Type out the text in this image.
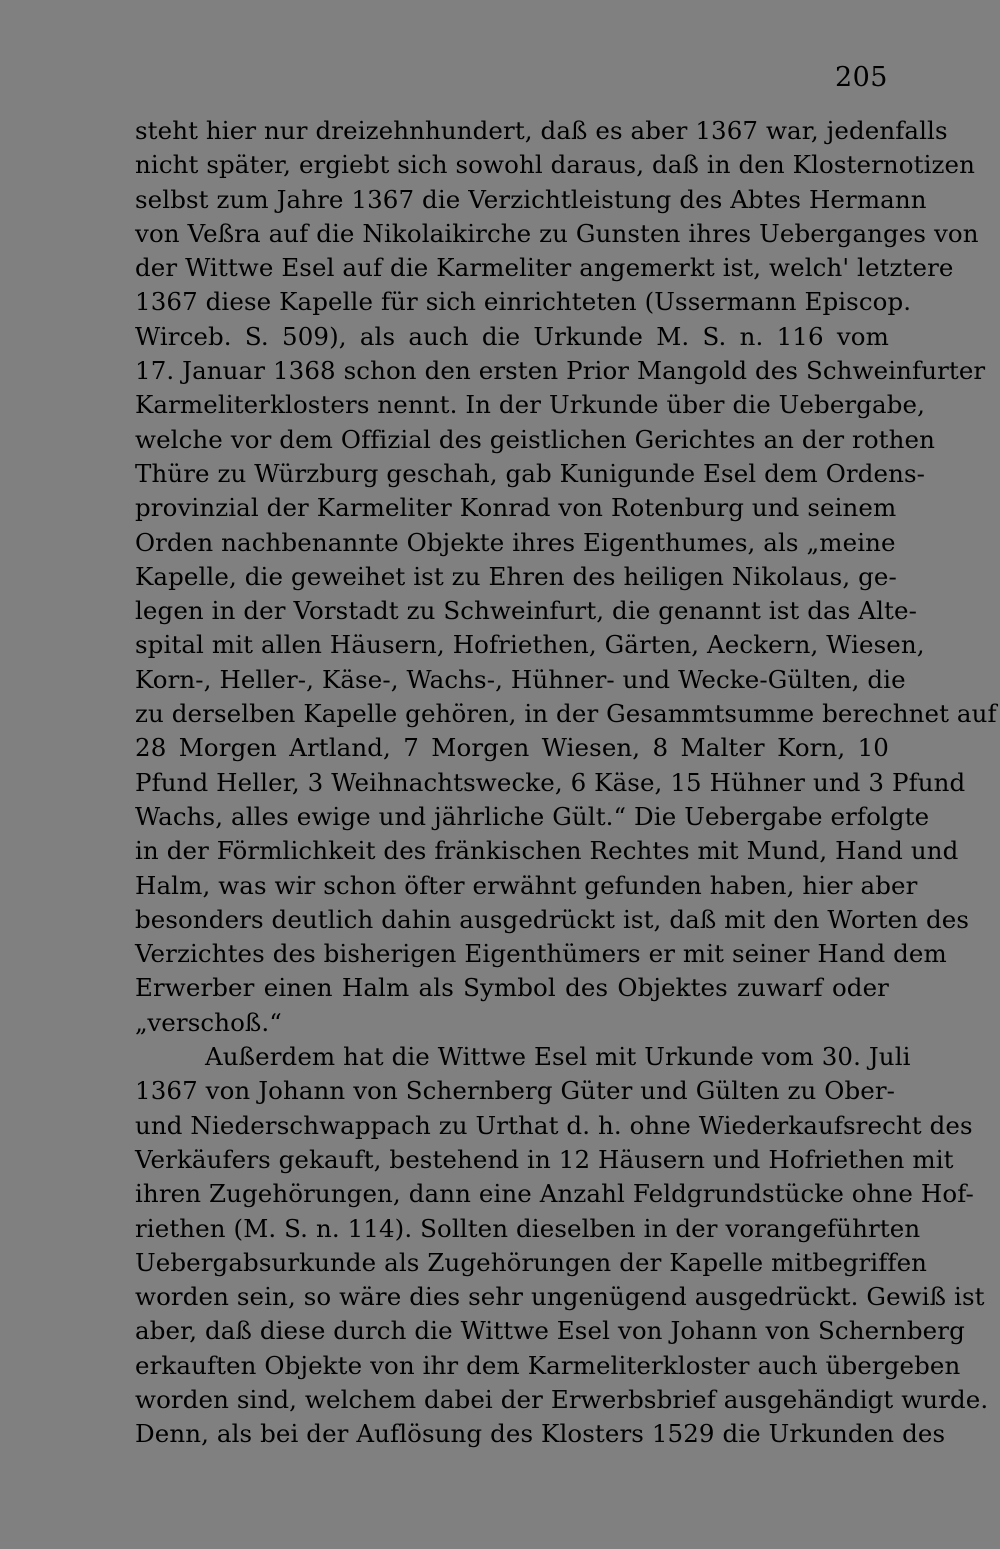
205
steht hier nur dreizehnhundert, daß es aber 1367 war, jedenfalls
nicht später, ergiebt sich sowohl daraus, daß in den Klosternotizen
selbst zum Jahre 1367 die Verzichtleistung des Abtes Hermann
von Veßra auf die Nikolaikirche zu Gunsten ihres Ueberganges von
der Wittwe Esel auf die Karmeliter angemerkt ist, welch' letztere
1367 diese Kapelle für sich einrichteten (Ussermann Episcop.
Wirceb. S. 509), als auch die Urkunde M. S. n. 116 vom
17. Januar 1368 schon den ersten Prior Mangold des Schweinfurter
Karmeliterklosters nennt. In der Urkunde über die Uebergabe,
welche vor dem Offizial des geistlichen Gerichtes an der rothen
Thüre zu Würzburg geschah, gab Kunigunde Esel dem Ordens-
provinzial der Karmeliter Konrad von Rotenburg und seinem
Orden nachbenannte Objekte ihres Eigenthumes, als „meine
Kapelle, die geweihet ist zu Ehren des heiligen Nikolaus, ge-
legen in der Vorstadt zu Schweinfurt, die genannt ist das Alte-
spital mit allen Häusern, Hofriethen, Gärten, Aeckern, Wiesen,
Korn-, Heller-, Käse-, Wachs-, Hühner- und Wecke-Gülten, die
zu derselben Kapelle gehören, in der Gesammtsumme berechnet auf
28 Morgen Artland, 7 Morgen Wiesen, 8 Malter Korn, 10
Pfund Heller, 3 Weihnachtswecke, 6 Käse, 15 Hühner und 3 Pfund
Wachs, alles ewige und jährliche Gült.“ Die Uebergabe erfolgte
in der Förmlichkeit des fränkischen Rechtes mit Mund, Hand und
Halm, was wir schon öfter erwähnt gefunden haben, hier aber
besonders deutlich dahin ausgedrückt ist, daß mit den Worten des
Verzichtes des bisherigen Eigenthümers er mit seiner Hand dem
Erwerber einen Halm als Symbol des Objektes zuwarf oder
„verschoß.“
Außerdem hat die Wittwe Esel mit Urkunde vom 30. Juli
1367 von Johann von Schernberg Güter und Gülten zu Ober-
und Niederschwappach zu Urthat d. h. ohne Wiederkaufsrecht des
Verkäufers gekauft, bestehend in 12 Häusern und Hofriethen mit
ihren Zugehörungen, dann eine Anzahl Feldgrundstücke ohne Hof-
riethen (M. S. n. 114). Sollten dieselben in der vorangeführten
Uebergabsurkunde als Zugehörungen der Kapelle mitbegriffen
worden sein, so wäre dies sehr ungenügend ausgedrückt. Gewiß ist
aber, daß diese durch die Wittwe Esel von Johann von Schernberg
erkauften Objekte von ihr dem Karmeliterkloster auch übergeben
worden sind, welchem dabei der Erwerbsbrief ausgehändigt wurde.
Denn, als bei der Auflösung des Klosters 1529 die Urkunden des
